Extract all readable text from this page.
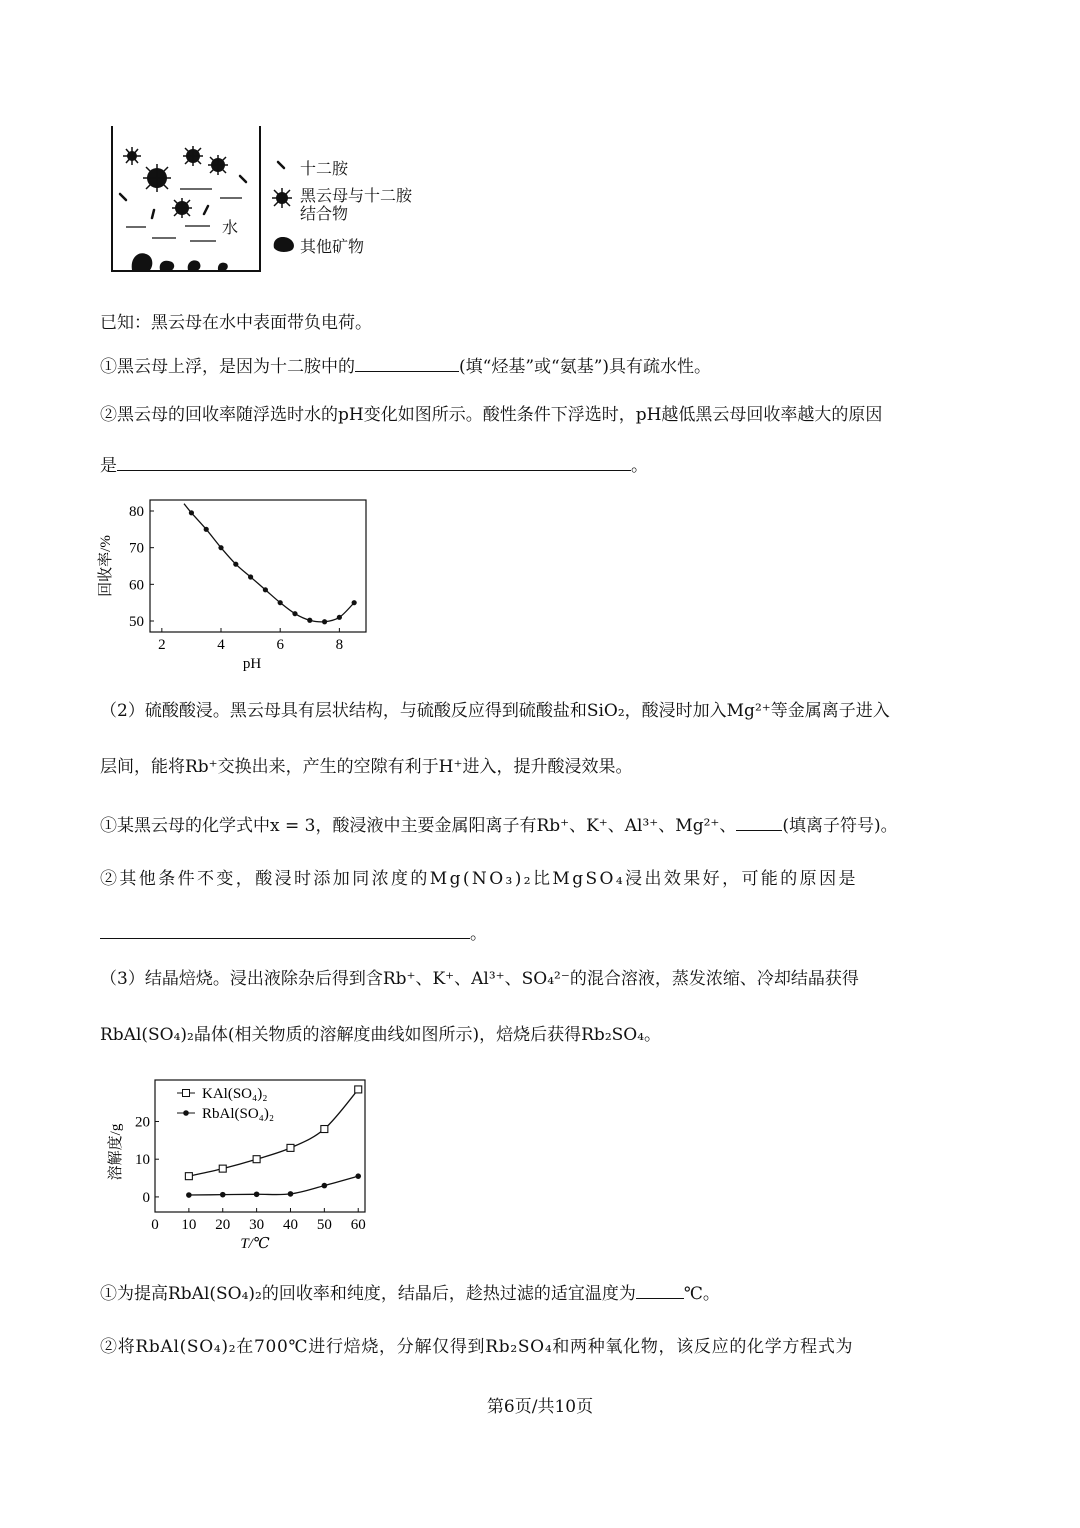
水
十二胺
黑云母与十二胺
结合物
其他矿物
已知：黑云母在水中表面带负电荷。
①黑云母上浮，是因为十二胺中的	(填“烃基”或“氨基”)具有疏水性。
②黑云母的回收率随浮选时水的pH变化如图所示。酸性条件下浮选时，pH越低黑云母回收率越大的原因
是	。
2	4	6	8
50
60
70
80
pH
回收率/%
（2）硫酸酸浸。黑云母具有层状结构，与硫酸反应得到硫酸盐和SiO₂，酸浸时加入Mg²⁺等金属离子进入
层间，能将Rb⁺交换出来，产生的空隙有利于H⁺进入，提升酸浸效果。
①某黑云母的化学式中x = 3，酸浸液中主要金属阳离子有Rb⁺、K⁺、Al³⁺、Mg²⁺、	(填离子符号)。
②其他条件不变，酸浸时添加同浓度的Mg(NO₃)₂比MgSO₄浸出效果好，可能的原因是
。
（3）结晶焙烧。浸出液除杂后得到含Rb⁺、K⁺、Al³⁺、SO₄²⁻的混合溶液，蒸发浓缩、冷却结晶获得
RbAl(SO₄)₂晶体(相关物质的溶解度曲线如图所示)，焙烧后获得Rb₂SO₄。
0 10 20 30 40 50 60
0
10
20
T/℃
溶解度/g
KAl(SO₄)₂
RbAl(SO₄)₂
①为提高RbAl(SO₄)₂的回收率和纯度，结晶后，趁热过滤的适宜温度为	℃。
②将RbAl(SO₄)₂在700℃进行焙烧，分解仅得到Rb₂SO₄和两种氧化物，该反应的化学方程式为
第6页/共10页
